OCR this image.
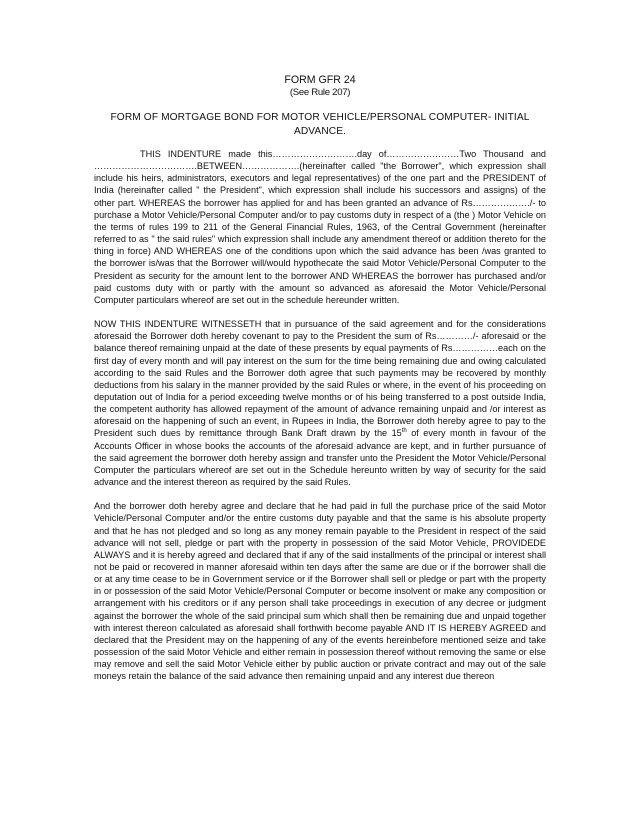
FORM GFR 24
(See Rule 207)
FORM OF MORTGAGE BOND FOR MOTOR VEHICLE/PERSONAL COMPUTER- INITIAL ADVANCE.

THIS INDENTURE made this……………………….day of……………………Two Thousand and …………………………….BETWEEN……………….(hereinafter called "the Borrower", which expression shall include his heirs, administrators, executors and legal representatives) of the one part and the PRESIDENT of India (hereinafter called " the President", which expression shall include his successors and assigns) of the other part. WHEREAS the borrower has applied for and has been granted an advance of Rs………………./- to purchase a Motor Vehicle/Personal Computer and/or to pay customs duty in respect of a (the ) Motor Vehicle on the terms of rules 199 to 211 of the General Financial Rules, 1963, of the Central Government (hereinafter referred to as " the said rules" which expression shall include any amendment thereof or addition thereto for the thing in force) AND WHEREAS one of the conditions upon which the said advance has been /was granted to the borrower is/was that the Borrower will/would hypothecate the said Motor Vehicle/Personal Computer to the President as security for the amount lent to the borrower AND WHEREAS the borrower has purchased and/or paid customs duty with or partly with the amount so advanced as aforesaid the Motor Vehicle/Personal Computer particulars whereof are set out in the schedule hereunder written.

NOW THIS INDENTURE WITNESSETH that in pursuance of the said agreement and for the considerations aforesaid the Borrower doth hereby covenant to pay to the President the sum of Rs…………/- aforesaid or the balance thereof remaining unpaid at the date of these presents by equal payments of Rs……………each on the first day of every month and will pay interest on the sum for the time being remaining due and owing calculated according to the said Rules and the Borrower doth agree that such payments may be recovered by monthly deductions from his salary in the manner provided by the said Rules or where, in the event of his proceeding on deputation out of India for a period exceeding twelve months or of his being transferred to a post outside India, the competent authority has allowed repayment of the amount of advance remaining unpaid and /or interest as aforesaid on the happening of such an event, in Rupees in India, the Borrower doth hereby agree to pay to the President such dues by remittance through Bank Draft drawn by the 15th of every month in favour of the Accounts Officer in whose books the accounts of the aforesaid advance are kept, and in further pursuance of the said agreement the borrower doth hereby assign and transfer unto the President the Motor Vehicle/Personal Computer the particulars whereof are set out in the Schedule hereunto written by way of security for the said advance and the interest thereon as required by the said Rules.

And the borrower doth hereby agree and declare that he had paid in full the purchase price of the said Motor Vehicle/Personal Computer and/or the entire customs duty payable and that the same is his absolute property and that he has not pledged and so long as any money remain payable to the President in respect of the said advance will not sell, pledge or part with the property in possession of the said Motor Vehicle, PROVIDEDE ALWAYS and it is hereby agreed and declared that if any of the said installments of the principal or interest shall not be paid or recovered in manner aforesaid within ten days after the same are due or if the borrower shall die or at any time cease to be in Government service or if the Borrower shall sell or pledge or part with the property in or possession of the said Motor Vehicle/Personal Computer or become insolvent or make any composition or arrangement with his creditors or if any person shall take proceedings in execution of any decree or judgment against the borrower the whole of the said principal sum which shall then be remaining due and unpaid together with interest thereon calculated as aforesaid shall forthwith become payable AND IT IS HEREBY AGREED and declared that the President may on the happening of any of the events hereinbefore mentioned seize and take possession of the said Motor Vehicle and either remain in possession thereof without removing the same or else may remove and sell the said Motor Vehicle either by public auction or private contract and may out of the sale moneys retain the balance of the said advance then remaining unpaid and any interest due thereon
